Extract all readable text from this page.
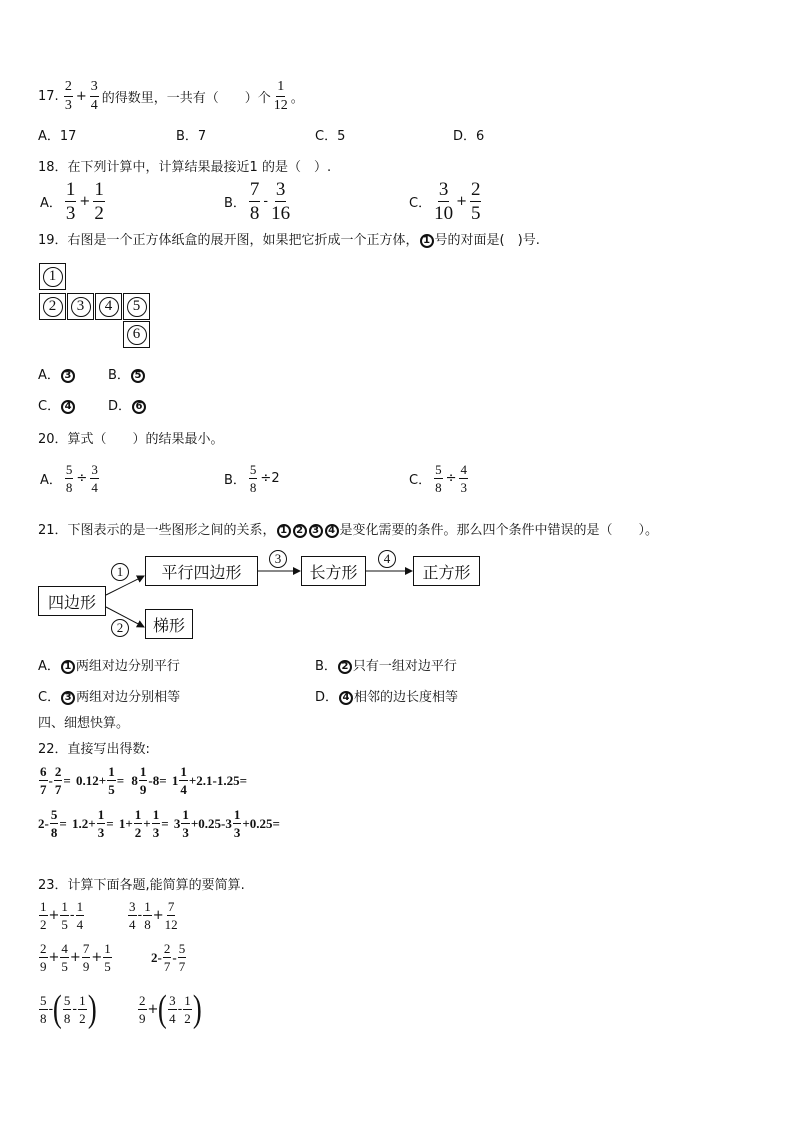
17. $\frac{2}{3} + \frac{3}{4}$ 的得数里，一共有（　　）个 $\frac{1}{12}$ 。
A．17	B．7	C．5	D．6
18．在下列计算中，计算结果最接近1 的是（　）.
A． $\frac{1}{3} + \frac{1}{2}$	B． $\frac{7}{8} - \frac{3}{16}$	C． $\frac{3}{10} + \frac{2}{5}$
19．右图是一个正方体纸盒的展开图，如果把它折成一个正方体， 1 号的对面是(　)号.
1
2	3	4	5
6
A． 3	B． 5
C． 4	D． 6
20．算式（　　）的结果最小。
A． $\frac{5}{8} \div \frac{3}{4}$	B． $\frac{5}{8} \div 2$	C． $\frac{5}{8} \div \frac{4}{3}$
21．下图表示的是一些图形之间的关系， 1 2 3 4 是变化需要的条件。那么四个条件中错误的是（　　）。
四边形
平行四边形	长方形	正方形
梯形
1
2
3	4
A． 1 两组对边分别平行	B． 2 只有一组对边平行
C． 3 两组对边分别相等	D． 4 相邻的边长度相等
四、细想快算。
22．直接写出得数:
$\frac{6}{7} - \frac{2}{7} = 0.12+ \frac{1}{5} = 8 \frac{1}{9} -8= 1 \frac{1}{4} +2.1-1.25=$
$2- \frac{5}{8} = 1.2+ \frac{1}{3} = 1+ \frac{1}{2} + \frac{1}{3} = 3 \frac{1}{3} +0.25-3 \frac{1}{3} +0.25=$
23．计算下面各题,能简算的要简算.
$\frac{1}{2} + \frac{1}{5} - \frac{1}{4}$	$\frac{3}{4} - \frac{1}{8} + \frac{7}{12}$
$\frac{2}{9} + \frac{4}{5} + \frac{7}{9} + \frac{1}{5}$	$2- \frac{2}{7} - \frac{5}{7}$
$\frac{5}{8}$ -( $\frac{5}{8} - \frac{1}{2}$ )	$\frac{2}{9}$ +( $\frac{3}{4} - \frac{1}{2}$ )
